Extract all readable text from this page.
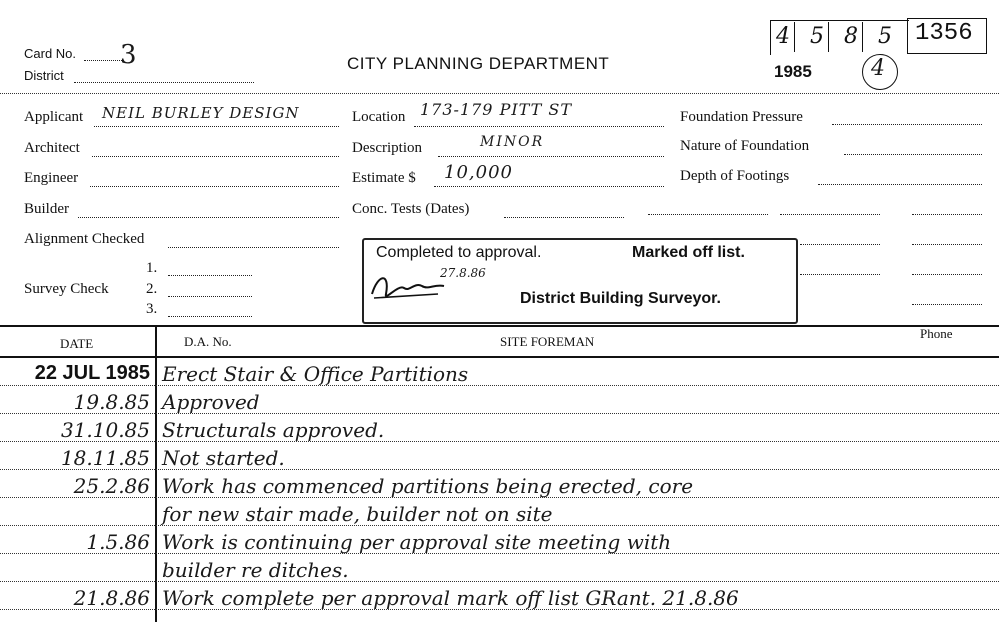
Card No. 3
District
CITY PLANNING DEPARTMENT	1985
4 5 8 5 1356
4
Applicant NEIL BURLEY DESIGN
Architect
Engineer
Builder
Alignment Checked
Survey Check
1.
2.
3.
Location 173-179 PITT ST
Description	MINOR
Estimate $ 10,000
Conc. Tests (Dates)
Foundation Pressure
Nature of Foundation
Depth of Footings
Completed to approval.	Marked off list.
27.8.86
District Building Surveyor.
DATE	D.A. No.	SITE FOREMAN
Phone
22 JUL 1985 Erect Stair & Office Partitions
19.8.85 Approved
31.10.85 Structurals approved.
18.11.85 Not started.
25.2.86 Work has commenced partitions being erected, core
for new stair made, builder not on site
1.5.86 Work is continuing per approval site meeting with
builder re ditches.
21.8.86 Work complete per approval mark off list GRant. 21.8.86
